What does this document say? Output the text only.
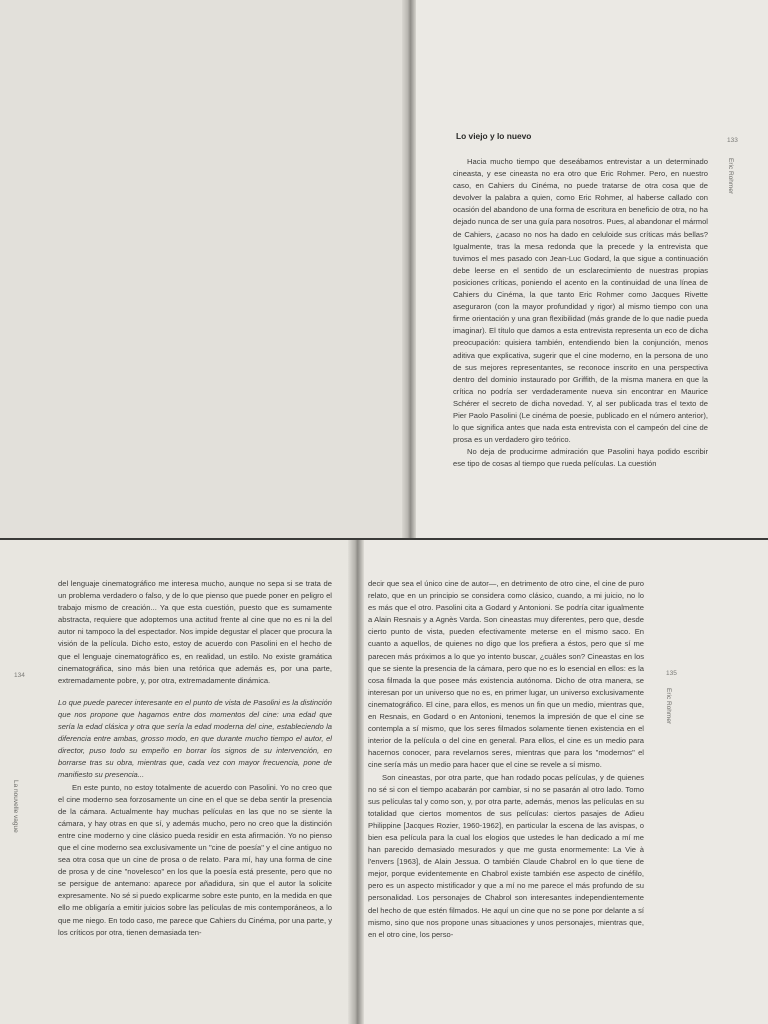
Lo viejo y lo nuevo	133
Eric Rohmer

Hacia mucho tiempo que deseábamos entrevistar a un determinado cineasta, y ese cineasta no era otro que Eric Rohmer. Pero, en nuestro caso, en Cahiers du Cinéma, no puede tratarse de otra cosa que de devolver la palabra a quien, como Eric Rohmer, al haberse callado con ocasión del abandono de una forma de escritura en beneficio de otra, no ha dejado nunca de ser una guía para nosotros. Pues, al abandonar el mármol de Cahiers, ¿acaso no nos ha dado en celuloide sus críticas más bellas? Igualmente, tras la mesa redonda que la precede y la entrevista que tuvimos el mes pasado con Jean-Luc Godard, la que sigue a continuación debe leerse en el sentido de un esclarecimiento de nuestras propias posiciones críticas, poniendo el acento en la continuidad de una línea de Cahiers du Cinéma, la que tanto Eric Rohmer como Jacques Rivette aseguraron (con la mayor profundidad y rigor) al mismo tiempo con una firme orientación y una gran flexibilidad (más grande de lo que nadie pueda imaginar). El título que damos a esta entrevista representa un eco de dicha preocupación: quisiera también, entendiendo bien la conjunción, menos aditiva que explicativa, sugerir que el cine moderno, en la persona de uno de sus mejores representantes, se reconoce inscrito en una perspectiva dentro del dominio instaurado por Griffith, de la misma manera en que la crítica no podría ser verdaderamente nueva sin encontrar en Maurice Schérer el secreto de dicha novedad. Y, al ser publicada tras el texto de Pier Paolo Pasolini (Le cinéma de poesie, publicado en el número anterior), lo que significa antes que nada esta entrevista con el campeón del cine de prosa es un verdadero giro teórico.

No deja de producirme admiración que Pasolini haya podido escribir ese tipo de cosas al tiempo que rueda películas. La cuestión

134
La nouvelle vague

del lenguaje cinematográfico me interesa mucho, aunque no sepa si se trata de un problema verdadero o falso, y de lo que pienso que puede poner en peligro el trabajo mismo de creación... Ya que esta cuestión, puesto que es sumamente abstracta, requiere que adoptemos una actitud frente al cine que no es ni la del autor ni tampoco la del espectador. Nos impide degustar el placer que procura la visión de la película. Dicho esto, estoy de acuerdo con Pasolini en el hecho de que el lenguaje cinematográfico es, en realidad, un estilo. No existe gramática cinematográfica, sino más bien una retórica que además es, por una parte, extremadamente pobre, y, por otra, extremadamente dinámica.

Lo que puede parecer interesante en el punto de vista de Pasolini es la distinción que nos propone que hagamos entre dos momentos del cine: una edad que sería la edad clásica y otra que sería la edad moderna del cine, estableciendo la diferencia entre ambas, grosso modo, en que durante mucho tiempo el autor, el director, puso todo su empeño en borrar los signos de su intervención, en borrarse tras su obra, mientras que, cada vez con mayor frecuencia, pone de manifiesto su presencia...

En este punto, no estoy totalmente de acuerdo con Pasolini. Yo no creo que el cine moderno sea forzosamente un cine en el que se deba sentir la presencia de la cámara. Actualmente hay muchas películas en las que no se siente la cámara, y hay otras en que sí, y además mucho, pero no creo que la distinción entre cine moderno y cine clásico pueda residir en esta afirmación. Yo no pienso que el cine moderno sea exclusivamente un "cine de poesía" y el cine antiguo no sea otra cosa que un cine de prosa o de relato. Para mí, hay una forma de cine de prosa y de cine "novelesco" en los que la poesía está presente, pero que no se persigue de antemano: aparece por añadidura, sin que el autor la solicite expresamente. No sé si puedo explicarme sobre este punto, en la medida en que ello me obligaría a emitir juicios sobre las películas de mis contemporáneos, a lo que me niego. En todo caso, me parece que Cahiers du Cinéma, por una parte, y los críticos por otra, tienen demasiada ten-

135
Eric Rohmer

decir que sea el único cine de autor—, en detrimento de otro cine, el cine de puro relato, que en un principio se considera como clásico, cuando, a mi juicio, no lo es más que el otro. Pasolini cita a Godard y Antonioni. Se podría citar igualmente a Alain Resnais y a Agnès Varda. Son cineastas muy diferentes, pero que, desde cierto punto de vista, pueden efectivamente meterse en el mismo saco. En cuanto a aquellos, de quienes no digo que los prefiera a éstos, pero que sí me parecen más próximos a lo que yo intento buscar, ¿cuáles son? Cineastas en los que se siente la presencia de la cámara, pero que no es lo esencial en ellos: es la cosa filmada la que posee más existencia autónoma. Dicho de otra manera, se interesan por un universo que no es, en primer lugar, un universo exclusivamente cinematográfico. El cine, para ellos, es menos un fin que un medio, mientras que, en Resnais, en Godard o en Antonioni, tenemos la impresión de que el cine se contempla a sí mismo, que los seres filmados solamente tienen existencia en el interior de la película o del cine en general. Para ellos, el cine es un medio para hacernos conocer, para revelarnos seres, mientras que para los "modernos" el cine sería más un medio para hacer que el cine se revele a sí mismo.

Son cineastas, por otra parte, que han rodado pocas películas, y de quienes no sé si con el tiempo acabarán por cambiar, si no se pasarán al otro lado. Tomo sus películas tal y como son, y, por otra parte, además, menos las películas en su totalidad que ciertos momentos de sus películas: ciertos pasajes de Adieu Philippine [Jacques Rozier, 1960-1962], en particular la escena de las avispas, o bien esa película para la cual los elogios que ustedes le han dedicado a mí me han parecido demasiado mesurados y que me gusta enormemente: La Vie à l'envers [1963], de Alain Jessua. O también Claude Chabrol en lo que tiene de mejor, porque evidentemente en Chabrol existe también ese aspecto de cinéfilo, pero es un aspecto mistificador y que a mí no me parece el más profundo de su personalidad. Los personajes de Chabrol son interesantes independientemente del hecho de que estén filmados. He aquí un cine que no se pone por delante a sí mismo, sino que nos propone unas situaciones y unos personajes, mientras que, en el otro cine, los perso-
